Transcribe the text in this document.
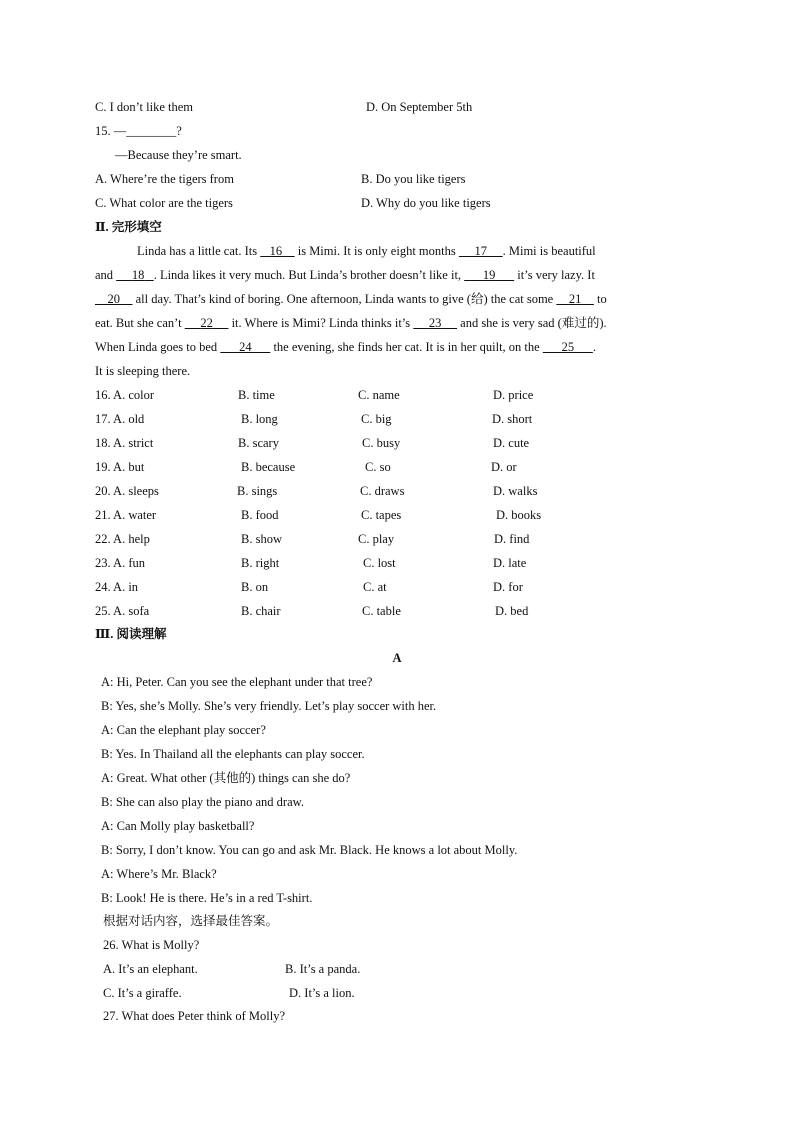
C. I don’t like them	D. On September 5th
15. —________?
—Because they’re smart.
A. Where’re the tigers from	B. Do you like tigers
C. What color are the tigers	D. Why do you like tigers
Ⅱ. 完形填空
Linda has a little cat. Its    16     is Mimi. It is only eight months      17 . Mimi is beautiful
and      18 . Linda likes it very much. But Linda’s brother doesn’t like it,       19       it’s very lazy. It
20     all day. That’s kind of boring. One afternoon, Linda wants to give (给) the cat some     21     to
eat. But she can’t      22      it. Where is Mimi? Linda thinks it’s      23      and she is very sad (难过的).
When Linda goes to bed       24       the evening, she finds her cat. It is in her quilt, on the       25 .
It is sleeping there.
16. A. color	B. time	C. name	D. price
17. A. old	B. long	C. big	D. short
18. A. strict	B. scary	C. busy	D. cute
19. A. but	B. because	C. so	D. or
20. A. sleeps	B. sings	C. draws	D. walks
21. A. water	B. food	C. tapes	D. books
22. A. help	B. show	C. play	D. find
23. A. fun	B. right	C. lost	D. late
24. A. in	B. on	C. at	D. for
25. A. sofa	B. chair	C. table	D. bed
Ⅲ. 阅读理解
A
A: Hi, Peter. Can you see the elephant under that tree?
B: Yes, she’s Molly. She’s very friendly. Let’s play soccer with her.
A: Can the elephant play soccer?
B: Yes. In Thailand all the elephants can play soccer.
A: Great. What other (其他的) things can she do?
B: She can also play the piano and draw.
A: Can Molly play basketball?
B: Sorry, I don’t know. You can go and ask Mr. Black. He knows a lot about Molly.
A: Where’s Mr. Black?
B: Look! He is there. He’s in a red T-shirt.
根据对话内容，选择最佳答案。
26. What is Molly?
A. It’s an elephant.	B. It’s a panda.
C. It’s a giraffe.	D. It’s a lion.
27. What does Peter think of Molly?
